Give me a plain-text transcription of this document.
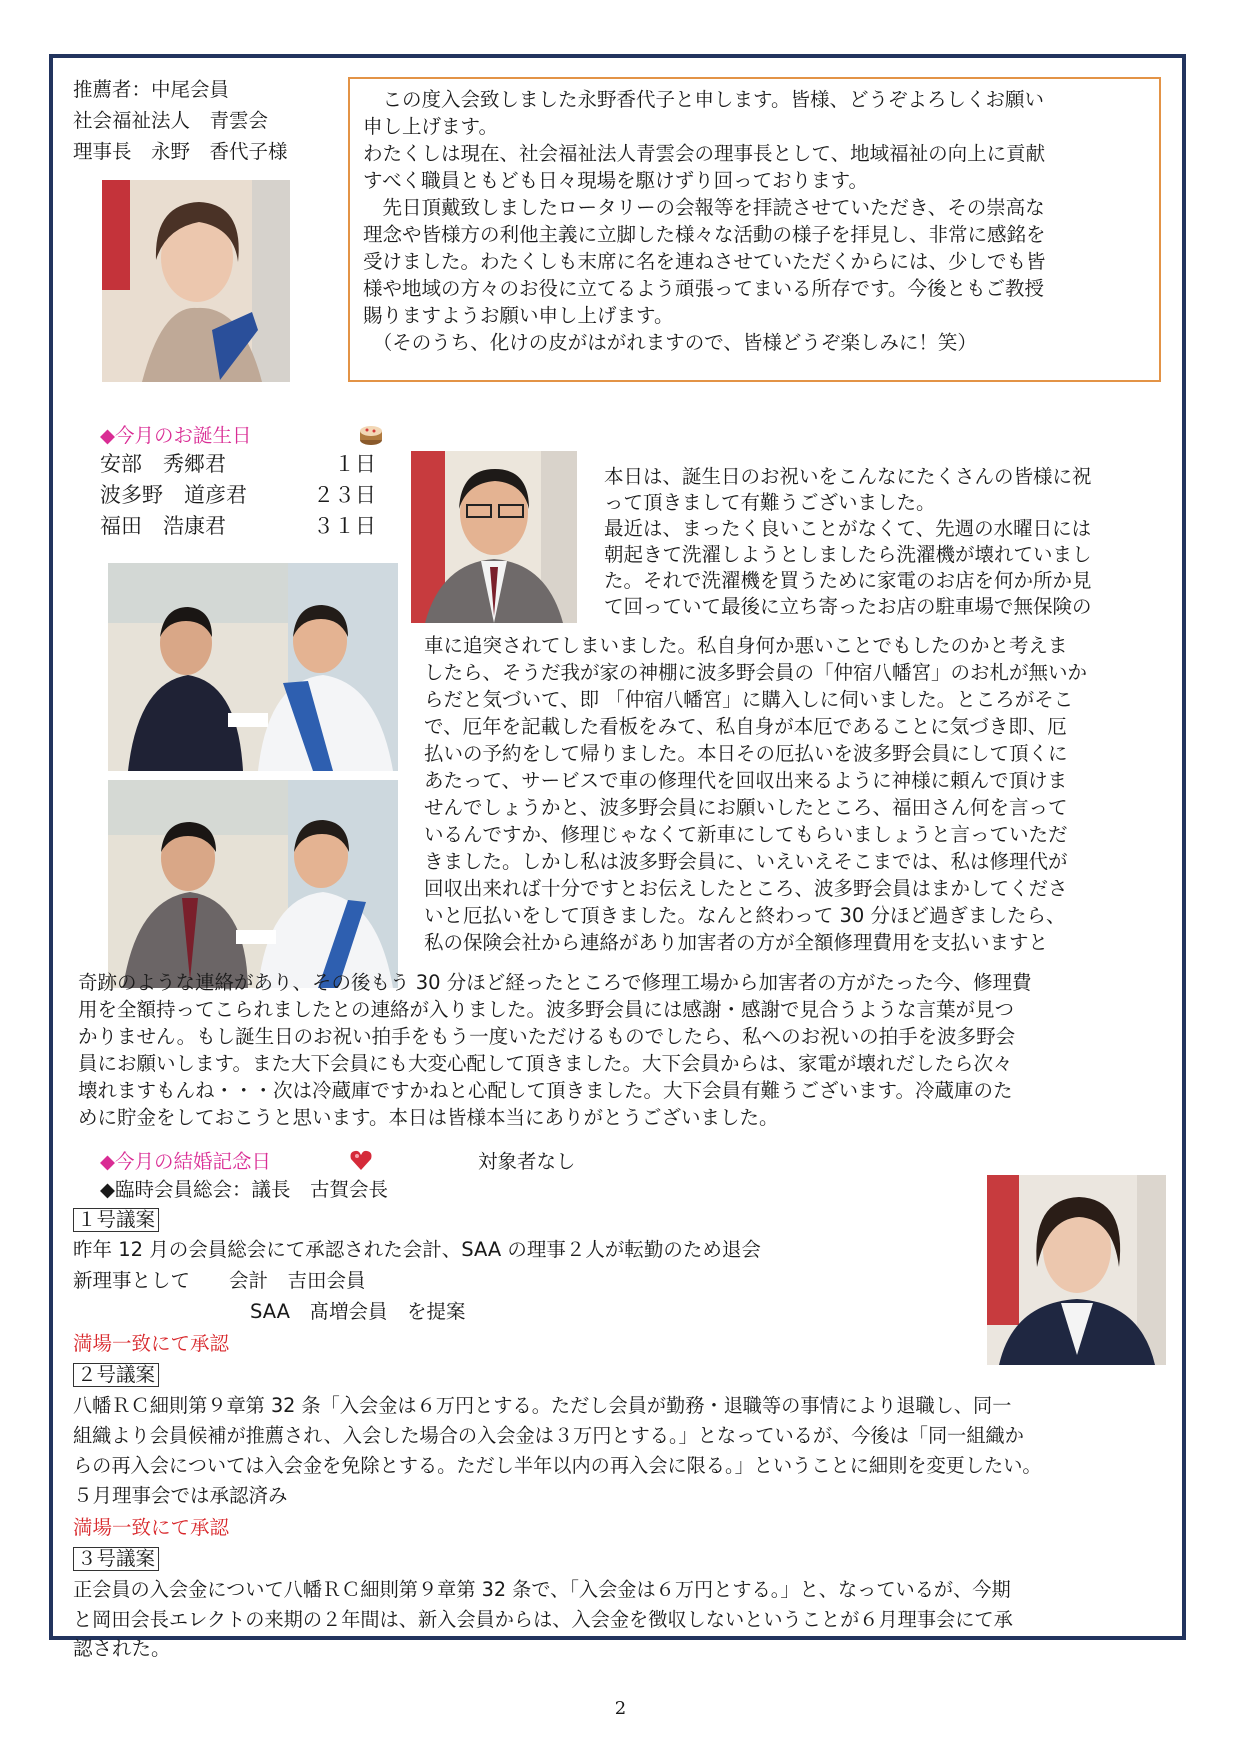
推薦者：中尾会員
社会福祉法人　青雲会
理事長　永野　香代子様
　この度入会致しました永野香代子と申します。皆様、どうぞよろしくお願い
申し上げます。
わたくしは現在、社会福祉法人青雲会の理事長として、地域福祉の向上に貢献
すべく職員ともども日々現場を駆けずり回っております。
　先日頂戴致しましたロータリーの会報等を拝読させていただき、その崇高な
理念や皆様方の利他主義に立脚した様々な活動の様子を拝見し、非常に感銘を
受けました。わたくしも末席に名を連ねさせていただくからには、少しでも皆
様や地域の方々のお役に立てるよう頑張ってまいる所存です。今後ともご教授
賜りますようお願い申し上げます。
　（そのうち、化けの皮がはがれますので、皆様どうぞ楽しみに！笑）
◆今月のお誕生日
安部　秀郷君	１日
波多野　道彦君	２３日
福田　浩康君	３１日
本日は、誕生日のお祝いをこんなにたくさんの皆様に祝
って頂きまして有難うございました。
最近は、まったく良いことがなくて、先週の水曜日には
朝起きて洗濯しようとしましたら洗濯機が壊れていまし
た。それで洗濯機を買うために家電のお店を何か所か見
て回っていて最後に立ち寄ったお店の駐車場で無保険の
車に追突されてしまいました。私自身何か悪いことでもしたのかと考えま
したら、そうだ我が家の神棚に波多野会員の「仲宿八幡宮」のお札が無いか
らだと気づいて、即 「仲宿八幡宮」に購入しに伺いました。ところがそこ
で、厄年を記載した看板をみて、私自身が本厄であることに気づき即、厄
払いの予約をして帰りました。本日その厄払いを波多野会員にして頂くに
あたって、サービスで車の修理代を回収出来るように神様に頼んで頂けま
せんでしょうかと、波多野会員にお願いしたところ、福田さん何を言って
いるんですか、修理じゃなくて新車にしてもらいましょうと言っていただ
きました。しかし私は波多野会員に、いえいえそこまでは、私は修理代が
回収出来れば十分ですとお伝えしたところ、波多野会員はまかしてくださ
いと厄払いをして頂きました。なんと終わって 30 分ほど過ぎましたら、
私の保険会社から連絡があり加害者の方が全額修理費用を支払いますと
奇跡のような連絡があり、その後もう 30 分ほど経ったところで修理工場から加害者の方がたった今、修理費
用を全額持ってこられましたとの連絡が入りました。波多野会員には感謝・感謝で見合うような言葉が見つ
かりません。もし誕生日のお祝い拍手をもう一度いただけるものでしたら、私へのお祝いの拍手を波多野会
員にお願いします。また大下会員にも大変心配して頂きました。大下会員からは、家電が壊れだしたら次々
壊れますもんね・・・次は冷蔵庫ですかねと心配して頂きました。大下会員有難うございます。冷蔵庫のた
めに貯金をしておこうと思います。本日は皆様本当にありがとうございました。
◆今月の結婚記念日	対象者なし
◆臨時会員総会：議長　古賀会長
１号議案
昨年 12 月の会員総会にて承認された会計、SAA の理事２人が転勤のため退会
新理事として　　会計　吉田会員
SAA　髙増会員　を提案
満場一致にて承認
２号議案
八幡ＲＣ細則第９章第 32 条「入会金は６万円とする。ただし会員が勤務・退職等の事情により退職し、同一
組織より会員候補が推薦され、入会した場合の入会金は３万円とする。」となっているが、今後は「同一組織か
らの再入会については入会金を免除とする。ただし半年以内の再入会に限る。」ということに細則を変更したい。
５月理事会では承認済み
満場一致にて承認
３号議案
正会員の入会金について八幡ＲＣ細則第９章第 32 条で、「入会金は６万円とする。」と、なっているが、今期
と岡田会長エレクトの来期の２年間は、新入会員からは、入会金を徴収しないということが６月理事会にて承
認された。
2
